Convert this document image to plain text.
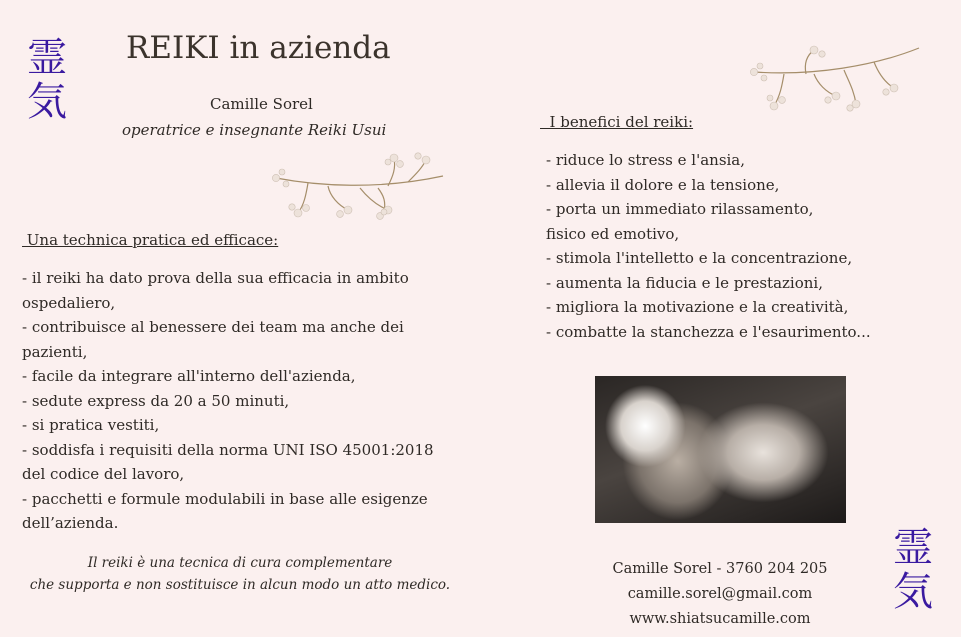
霊
気
霊
気
REIKI in azienda
Camille Sorel
operatrice e insegnante Reiki Usui
Una technica pratica ed efficace:
- il reiki ha dato prova della sua efficacia in ambito
ospedaliero,
- contribuisce al benessere dei team ma anche dei
pazienti,
- facile da integrare all'interno dell'azienda,
- sedute express da 20 a 50 minuti,
- si pratica vestiti,
- soddisfa i requisiti della norma UNI ISO 45001:2018
del codice del lavoro,
- pacchetti e formule modulabili in base alle esigenze
dell’azienda.
Il reiki è una tecnica di cura complementare
che supporta e non sostituisce in alcun modo un atto medico.
I benefici del reiki:
- riduce lo stress e l'ansia,
- allevia il dolore e la tensione,
- porta un immediato rilassamento,
fisico ed emotivo,
- stimola l'intelletto e la concentrazione,
- aumenta la fiducia e le prestazioni,
- migliora la motivazione e la creatività,
- combatte la stanchezza e l'esaurimento...
Camille Sorel - 3760 204 205
camille.sorel@gmail.com
www.shiatsucamille.com
